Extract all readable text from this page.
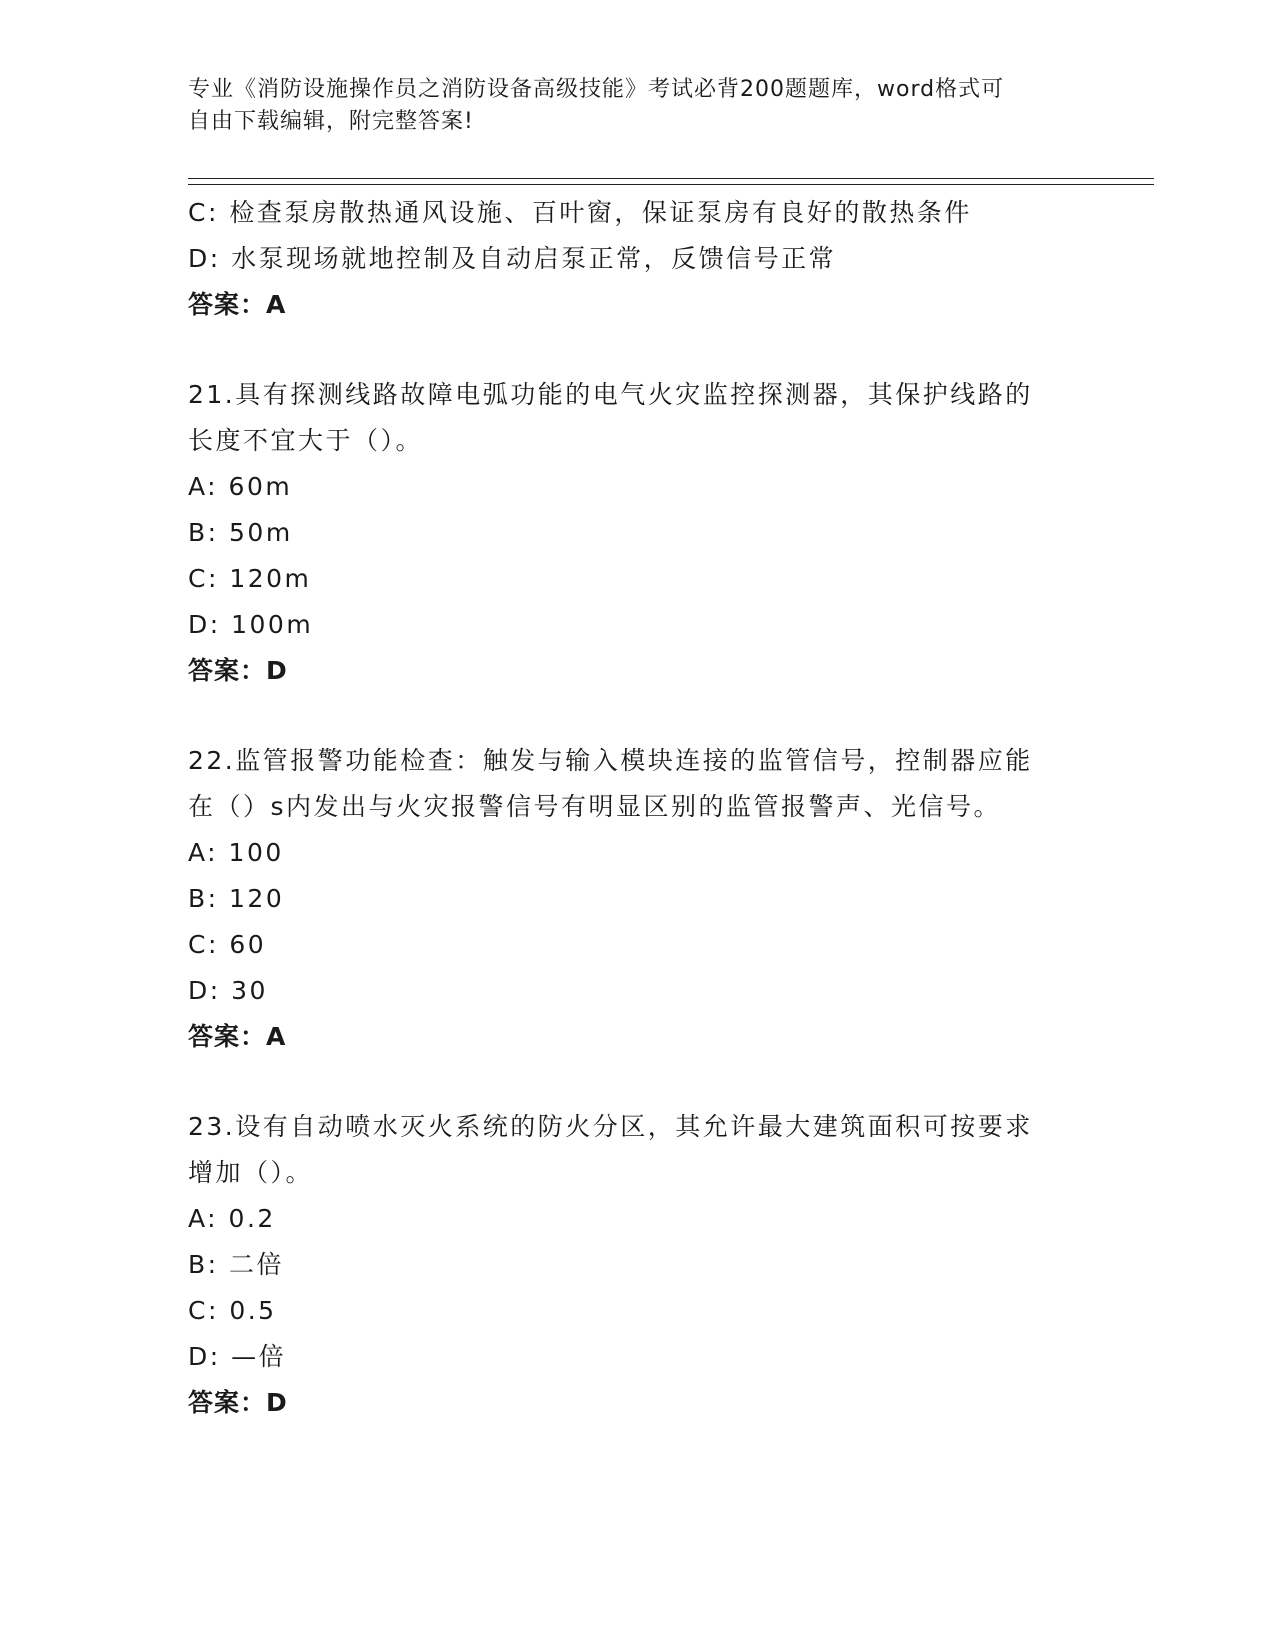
专业《消防设施操作员之消防设备高级技能》考试必背200题题库，word格式可
自由下载编辑，附完整答案!
C: 检查泵房散热通风设施、百叶窗，保证泵房有良好的散热条件
D: 水泵现场就地控制及自动启泵正常，反馈信号正常
答案：A
21.具有探测线路故障电弧功能的电气火灾监控探测器，其保护线路的
长度不宜大于（）。
A: 60m
B: 50m
C: 120m
D: 100m
答案：D
22.监管报警功能检查：触发与输入模块连接的监管信号，控制器应能
在（）s内发出与火灾报警信号有明显区别的监管报警声、光信号。
A: 100
B: 120
C: 60
D: 30
答案：A
23.设有自动喷水灭火系统的防火分区，其允许最大建筑面积可按要求
增加（）。
A: 0.2
B: 二倍
C: 0.5
D: —倍
答案：D
